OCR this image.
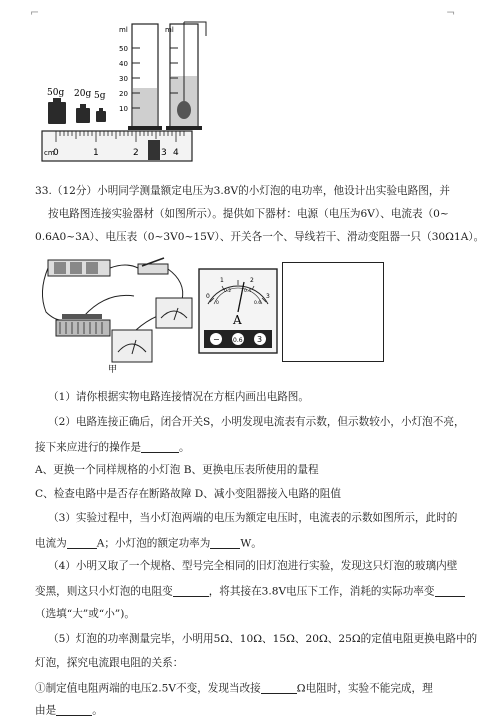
⌐	¬
50g 20g 5g
ml
50
40
30
20
10
ml
0	1	2 3 4
cm
33.（12分）小明同学测量额定电压为3.8V的小灯泡的电功率，他设计出实验电路图，并
按电路图连接实验器材（如图所示）。提供如下器材：电源（电压为6V）、电流表（0~
0.6A0~3A）、电压表（0~3V0~15V）、开关各一个、导线若干、滑动变阻器一只（30Ω1A）。
甲
0
1	2
3
0
0.2	0.4
0.6
A
− 0.6 3
（1）请你根据实物电路连接情况在方框内画出电路图。
（2）电路连接正确后，闭合开关S，小明发现电流表有示数，但示数较小，小灯泡不亮，
接下来应进行的操作是	。
A、更换一个同样规格的小灯泡 B、更换电压表所使用的量程
C、检查电路中是否存在断路故障 D、减小变阻器接入电路的阻值
（3）实验过程中，当小灯泡两端的电压为额定电压时，电流表的示数如图所示，此时的
电流为	A；小灯泡的额定功率为	W。
（4）小明又取了一个规格、型号完全相同的旧灯泡进行实验，发现这只灯泡的玻璃内壁
变黑，则这只小灯泡的电阻变	，将其接在3.8V电压下工作，消耗的实际功率变
（选填“大”或“小”)。
（5）灯泡的功率测量完毕，小明用5Ω、10Ω、15Ω、20Ω、25Ω的定值电阻更换电路中的
灯泡，探究电流跟电阻的关系：
①制定值电阻两端的电压2.5V不变，发现当改接	Ω电阻时，实验不能完成，理
由是	。
